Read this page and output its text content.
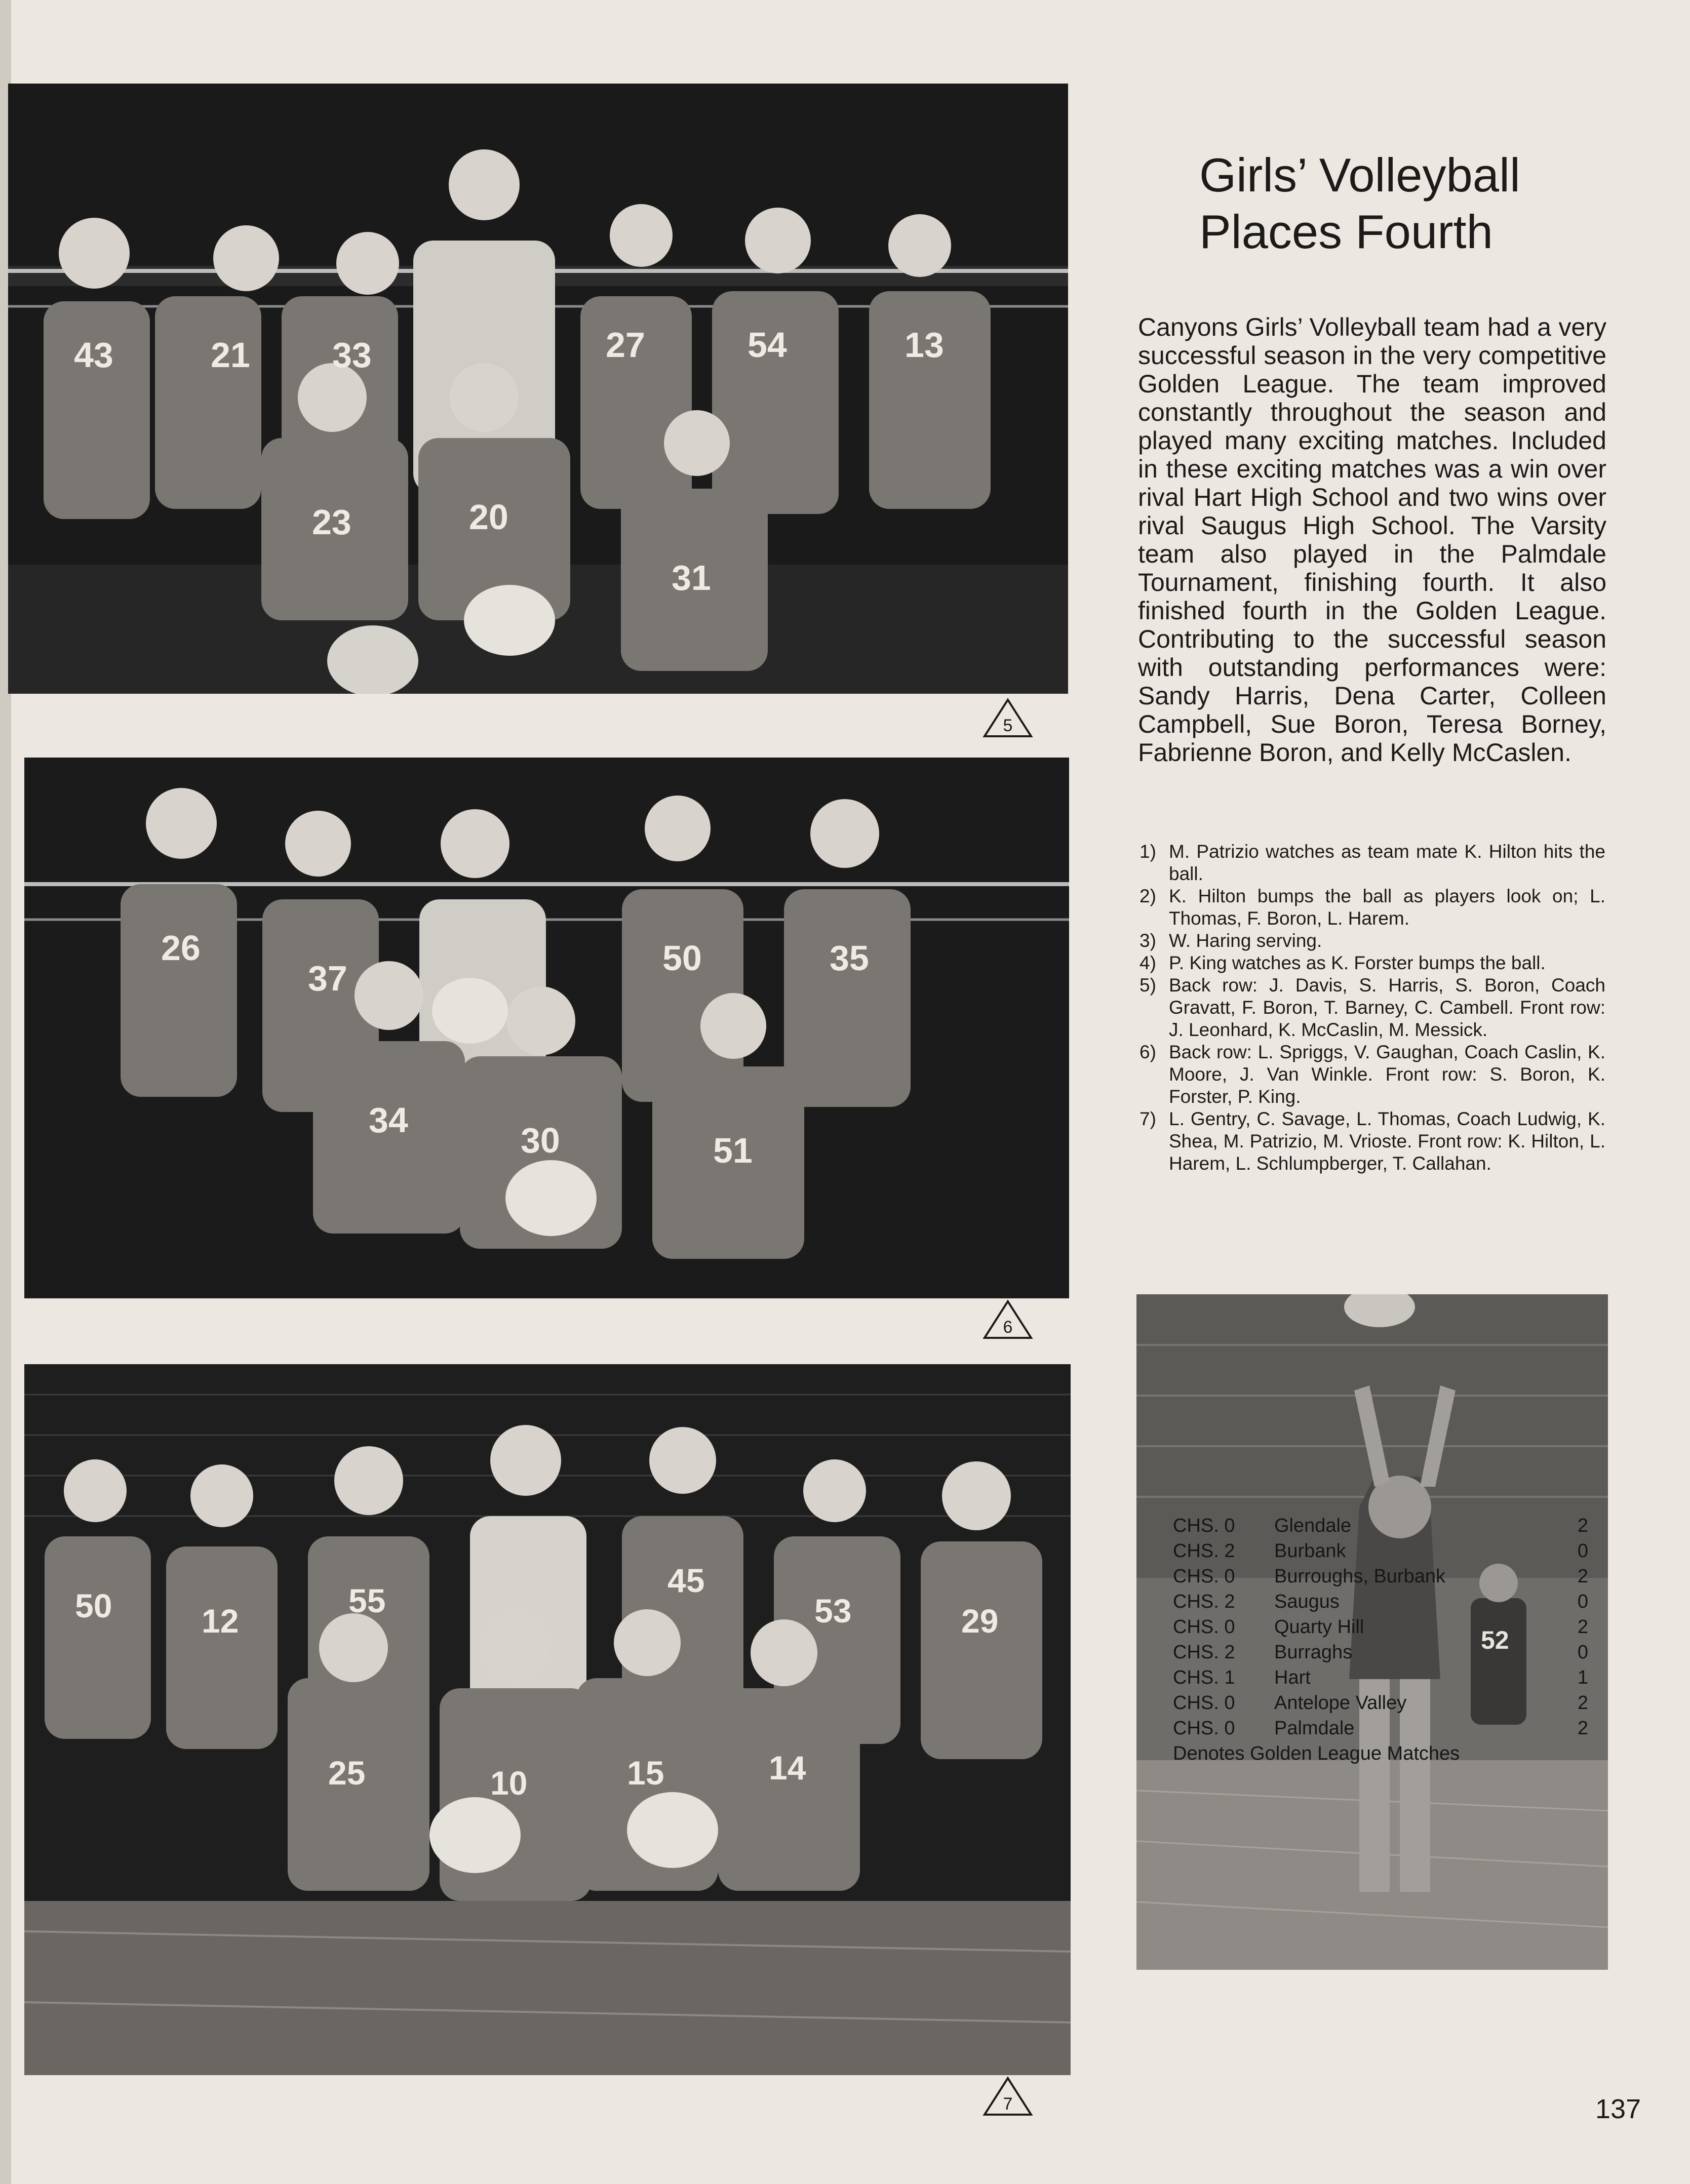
43	21 33	27	54	13
23	20
31
5
26
37
50	35
34
30	51
6
50	12
55
45
53	29
25	10	15	14
7
Girls’ Volleyball
Places Fourth

Canyons Girls’ Volleyball team had a very successful season in the very competitive Golden League. The team improved constantly throughout the season and played many exciting matches. Included in these exciting matches was a win over rival Hart High School and two wins over rival Saugus High School. The Varsity team also played in the Palmdale Tournament, finishing fourth. It also finished fourth in the Golden League. Contributing to the successful season with outstanding performances were: Sandy Harris, Dena Carter, Colleen Campbell, Sue Boron, Teresa Borney, Fabrienne Boron, and Kelly McCaslen.

1) M. Patrizio watches as team mate K. Hilton hits the ball.
2) K. Hilton bumps the ball as players look on; L. Thomas, F. Boron, L. Harem.
3) W. Haring serving.
4) P. King watches as K. Forster bumps the ball.
5) Back row: J. Davis, S. Harris, S. Boron, Coach Gravatt, F. Boron, T. Barney, C. Cambell. Front row: J. Leonhard, K. McCaslin, M. Messick.
6) Back row: L. Spriggs, V. Gaughan, Coach Caslin, K. Moore, J. Van Winkle. Front row: S. Boron, K. Forster, P. King.
7) L. Gentry, C. Savage, L. Thomas, Coach Ludwig, K. Shea, M. Patrizio, M. Vrioste. Front row: K. Hilton, L. Harem, L. Schlumpberger, T. Callahan.
52
CHS. 0	Glendale	2
CHS. 2	Burbank	0
CHS. 0	Burroughs, Burbank	2
CHS. 2	Saugus	0
CHS. 0	Quarty Hill	2
CHS. 2	Burraghs	0
CHS. 1	Hart	1
CHS. 0	Antelope Valley	2
CHS. 0	Palmdale	2
Denotes Golden League Matches
137
